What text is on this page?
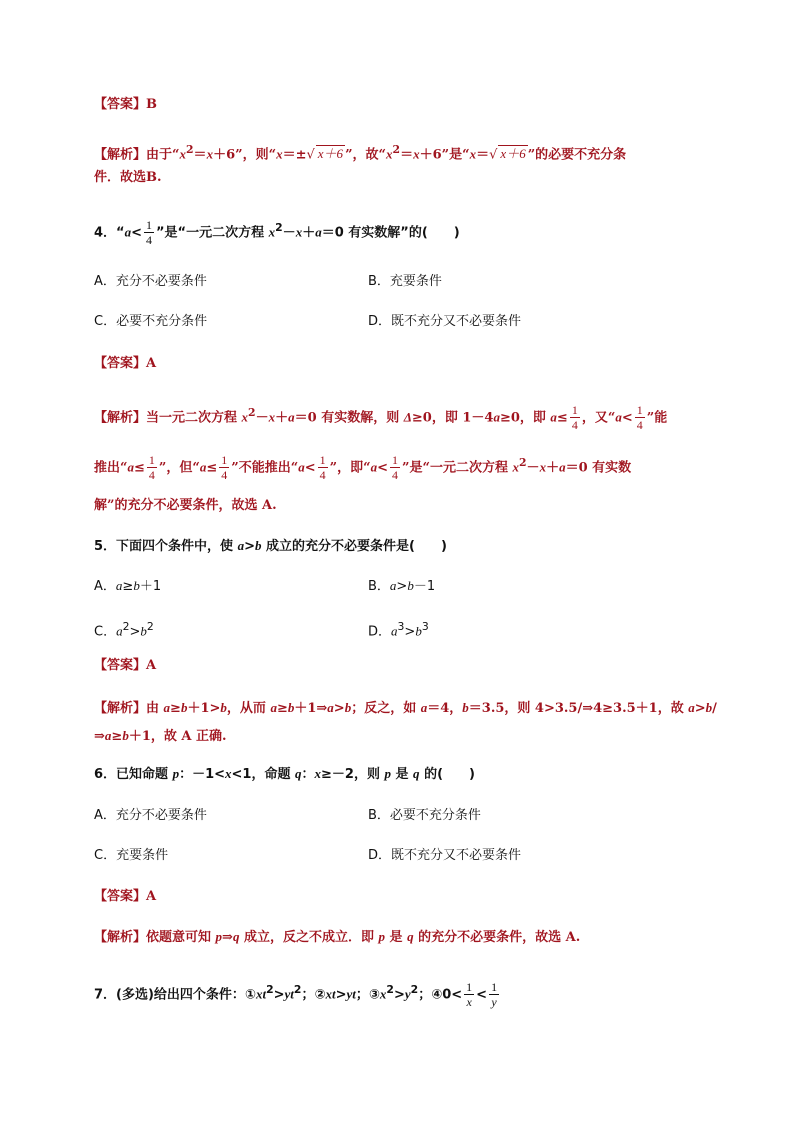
【答案】B
【解析】由于“$x^2=x+6$”，则“x＝±√ x＋6 ”，故“$x^2=x+6$”是“x＝√ x＋6 ”的必要不充分条
件．故选B.
4．“$a< \frac{1}{4}$ ”是“一元二次方程 $x^2-x+a=0$ 有实数解”的(　　)
A．充分不必要条件	B．充要条件
C．必要不充分条件	D．既不充分又不必要条件
【答案】A
【解析】当一元二次方程 $x^2-x+a=0$ 有实数解，则 Δ≥0，即 1－4a≥0，即 $a\le \frac{1}{4}$ ，又“$a< \frac{1}{4}$ ”能
推出“$a\le \frac{1}{4}$ ”，但“$a\le \frac{1}{4}$ ”不能推出“$a< \frac{1}{4}$ ”，即“$a< \frac{1}{4}$ ”是“一元二次方程 $x^2-x+a=0$ 有实数
解”的充分不必要条件，故选 A.
5．下面四个条件中，使 a>b 成立的充分不必要条件是(　　)
A．a≥b＋1	B．a>b－1
C．$a^2>b^2$	D．$a^3>b^3$
【答案】A
【解析】由 a≥b＋1>b，从而 a≥b＋1⇒a>b；反之，如 a＝4，b＝3.5，则 4>3.5/⇒4≥3.5＋1，故 a>b/
⇒a≥b＋1，故 A 正确.
6．已知命题 p：－1<x<1，命题 q：x≥－2，则 p 是 q 的(　　)
A．充分不必要条件	B．必要不充分条件
C．充要条件	D．既不充分又不必要条件
【答案】A
【解析】依题意可知 p⇒q 成立，反之不成立．即 p 是 q 的充分不必要条件，故选 A.
7．(多选)给出四个条件：$①xt^2>yt^2$；②xt>yt；$③x^2>y^2$；④0< $\frac{1}{x} < \frac{1}{y}$
